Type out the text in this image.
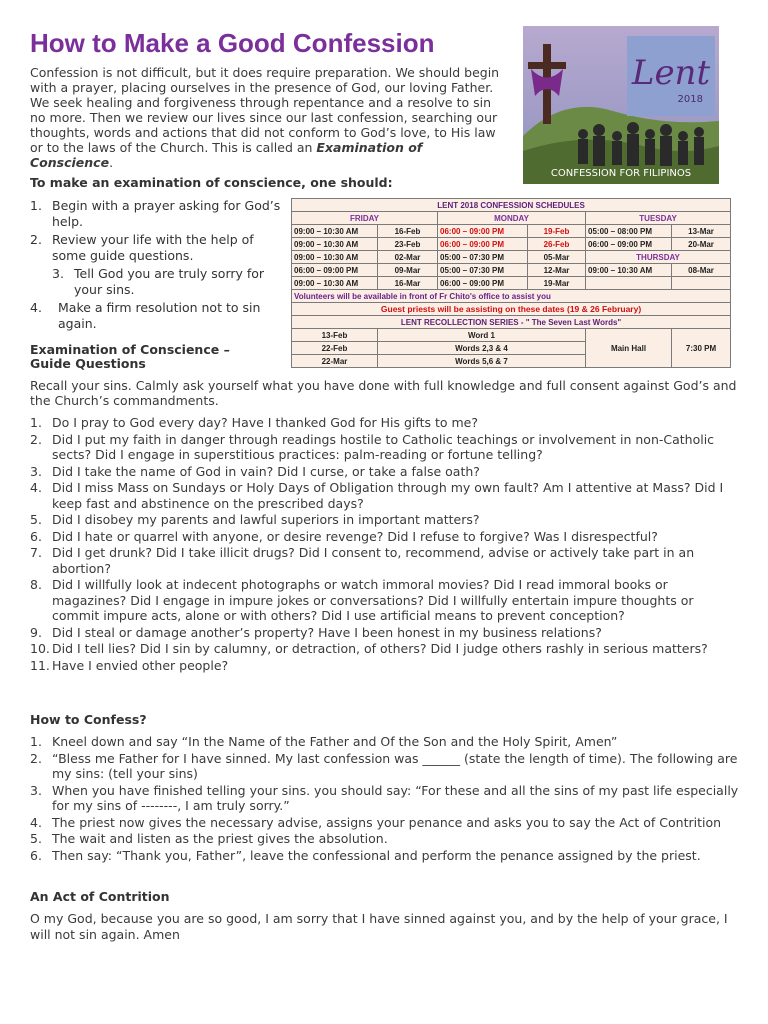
How to Make a Good Confession
Confession is not difficult, but it does require preparation. We should begin with a prayer, placing ourselves in the presence of God, our loving Father. We seek healing and forgiveness through repentance and a resolve to sin no more. Then we review our lives since our last confession, searching our thoughts, words and actions that did not conform to God’s love, to His law or to the laws of the Church. This is called an Examination of Conscience.
Lent
2018
CONFESSION FOR FILIPINOS
To make an examination of conscience, one should:
1. Begin with a prayer asking for God’s help.
2. Review your life with the help of some guide questions.
3. Tell God you are truly sorry for your sins.
4. Make a firm resolution not to sin again.
Examination of Conscience – Guide Questions
LENT 2018 CONFESSION SCHEDULES					
FRIDAY		MONDAY		TUESDAY	
09:00 – 10:30 AM	16-Feb	06:00 – 09:00 PM	19-Feb	05:00 – 08:00 PM	13-Mar
09:00 – 10:30 AM	23-Feb	06:00 – 09:00 PM	26-Feb	06:00 – 09:00 PM	20-Mar
09:00 – 10:30 AM	02-Mar	05:00 – 07:30 PM	05-Mar	THURSDAY	
06:00 – 09:00 PM	09-Mar	05:00 – 07:30 PM	12-Mar	09:00 – 10:30 AM	08-Mar
09:00 – 10:30 AM	16-Mar	06:00 – 09:00 PM	19-Mar		
Volunteers will be available in front of Fr Chito's office to assist you					
Guest priests will be assisting on these dates (19 & 26 February)					
LENT RECOLLECTION SERIES - " The Seven Last Words"					
13-Feb	Word 1			Main Hall	7:30 PM
22-Feb	Words 2,3 & 4				
22-Mar	Words 5,6 & 7				
Recall your sins. Calmly ask yourself what you have done with full knowledge and full consent against God’s and the Church’s commandments.
1. Do I pray to God every day? Have I thanked God for His gifts to me?
2. Did I put my faith in danger through readings hostile to Catholic teachings or involvement in non-Catholic sects? Did I engage in superstitious practices: palm-reading or fortune telling?
3. Did I take the name of God in vain? Did I curse, or take a false oath?
4. Did I miss Mass on Sundays or Holy Days of Obligation through my own fault? Am I attentive at Mass? Did I keep fast and abstinence on the prescribed days?
5. Did I disobey my parents and lawful superiors in important matters?
6. Did I hate or quarrel with anyone, or desire revenge? Did I refuse to forgive? Was I disrespectful?
7. Did I get drunk? Did I take illicit drugs? Did I consent to, recommend, advise or actively take part in an abortion?
8. Did I willfully look at indecent photographs or watch immoral movies? Did I read immoral books or magazines? Did I engage in impure jokes or conversations? Did I willfully entertain impure thoughts or commit impure acts, alone or with others? Did I use artificial means to prevent conception?
9. Did I steal or damage another’s property? Have I been honest in my business relations?
10. Did I tell lies? Did I sin by calumny, or detraction, of others? Did I judge others rashly in serious matters?
11. Have I envied other people?
How to Confess?
1. Kneel down and say “In the Name of the Father and Of the Son and the Holy Spirit, Amen”
2. “Bless me Father for I have sinned. My last confession was ______ (state the length of time). The following are my sins: (tell your sins)
3. When you have finished telling your sins. you should say: “For these and all the sins of my past life especially for my sins of --------, I am truly sorry.”
4. The priest now gives the necessary advise, assigns your penance and asks you to say the Act of Contrition
5. The wait and listen as the priest gives the absolution.
6. Then say: “Thank you, Father”, leave the confessional and perform the penance assigned by the priest.
An Act of Contrition
O my God, because you are so good, I am sorry that I have sinned against you, and by the help of your grace, I will not sin again. Amen
